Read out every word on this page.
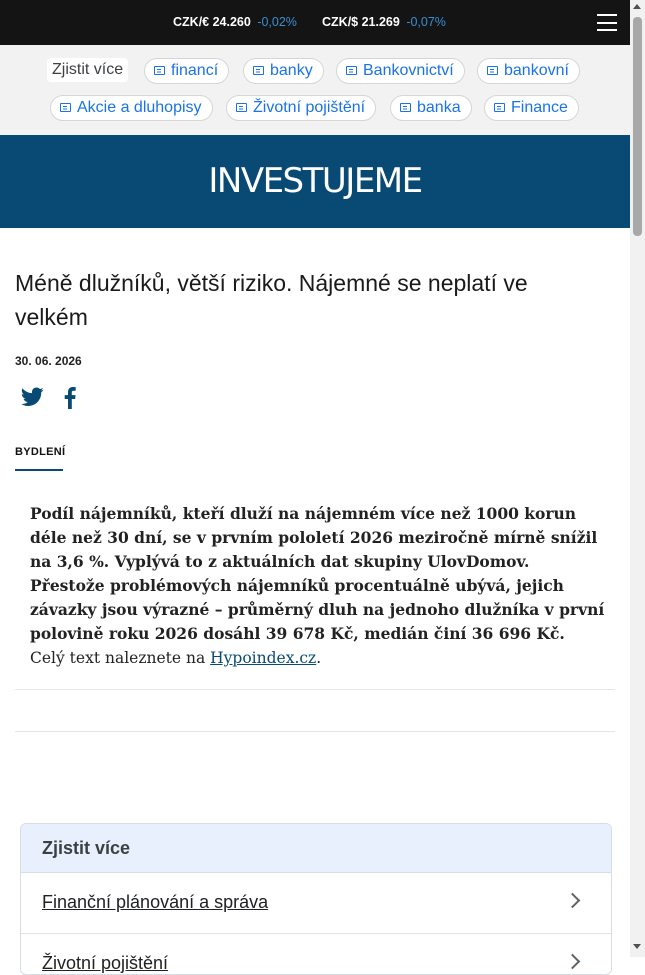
CZK/€ 24.260 -0,02% CZK/$ 21.269 -0,07%
Zjistit více	financí	banky	Bankovnictví	bankovní
Akcie a dluhopisy	Životní pojištění	banka	Finance
INVESTUJEME
Méně dlužníků, větší riziko. Nájemné se neplatí ve velkém
30. 06. 2026
BYDLENÍ
Podíl nájemníků, kteří dluží na nájemném více než 1000 korun déle než 30 dní, se v prvním pololetí 2026 meziročně mírně snížil na 3,6 %. Vyplývá to z aktuálních dat skupiny UlovDomov. Přestože problémových nájemníků procentuálně ubývá, jejich závazky jsou výrazné – průměrný dluh na jednoho dlužníka v první polovině roku 2026 dosáhl 39 678 Kč, medián činí 36 696 Kč.
Celý text naleznete na Hypoindex.cz.
Zjistit více
Finanční plánování a správa
Životní pojištění
